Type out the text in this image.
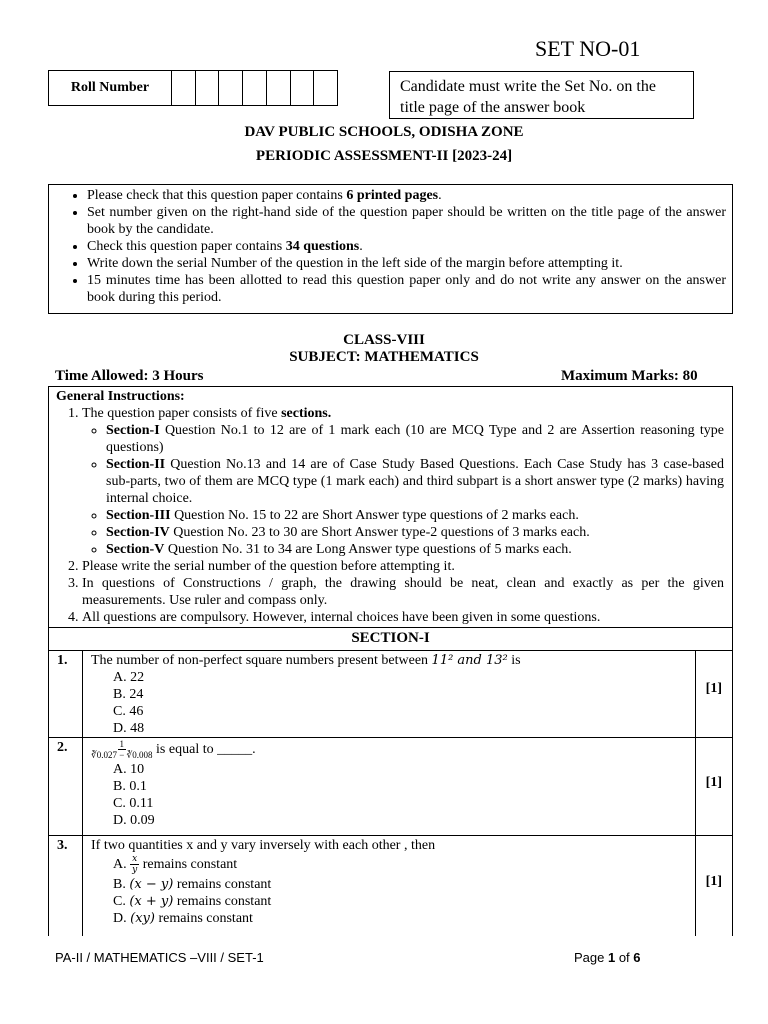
SET NO-01
Roll Number	Candidate must write the Set No. on the title page of the answer book
DAV PUBLIC SCHOOLS, ODISHA ZONE
PERIODIC ASSESSMENT-II [2023-24]
• Please check that this question paper contains 6 printed pages.
• Set number given on the right-hand side of the question paper should be written on the title page of the answer book by the candidate.
• Check this question paper contains 34 questions.
• Write down the serial Number of the question in the left side of the margin before attempting it.
• 15 minutes time has been allotted to read this question paper only and do not write any answer on the answer book during this period.
CLASS-VIII
SUBJECT: MATHEMATICS
Time Allowed: 3 Hours	Maximum Marks: 80
General Instructions:
1. The question paper consists of five sections.
◦ Section-I Question No.1 to 12 are of 1 mark each (10 are MCQ Type and 2 are Assertion reasoning type questions)
◦ Section-II Question No.13 and 14 are of Case Study Based Questions. Each Case Study has 3 case-based sub-parts, two of them are MCQ type (1 mark each) and third subpart is a short answer type (2 marks) having internal choice.
◦ Section-III Question No. 15 to 22 are Short Answer type questions of 2 marks each.
◦ Section-IV Question No. 23 to 30 are Short Answer type-2 questions of 3 marks each.
◦ Section-V Question No. 31 to 34 are Long Answer type questions of 5 marks each.
2. Please write the serial number of the question before attempting it.
3. In questions of Constructions / graph, the drawing should be neat, clean and exactly as per the given measurements. Use ruler and compass only.
4. All questions are compulsory. However, internal choices have been given in some questions.
SECTION-I
1. The number of non-perfect square numbers present between 11² and 13² is
A. 22
B. 24
C. 46
D. 48
[1]
2.	$\frac{1}{∛0.027 - ∛0.008}$ is equal to _____.
A. 10
B. 0.1
C. 0.11
D. 0.09
[1]
3. If two quantities x and y vary inversely with each other , then
A. $\frac{x}{y}$ remains constant
B. (x − y) remains constant
C. (x + y) remains constant
D. (xy) remains constant
[1]
PA-II / MATHEMATICS –VIII / SET-1	Page 1 of 6
